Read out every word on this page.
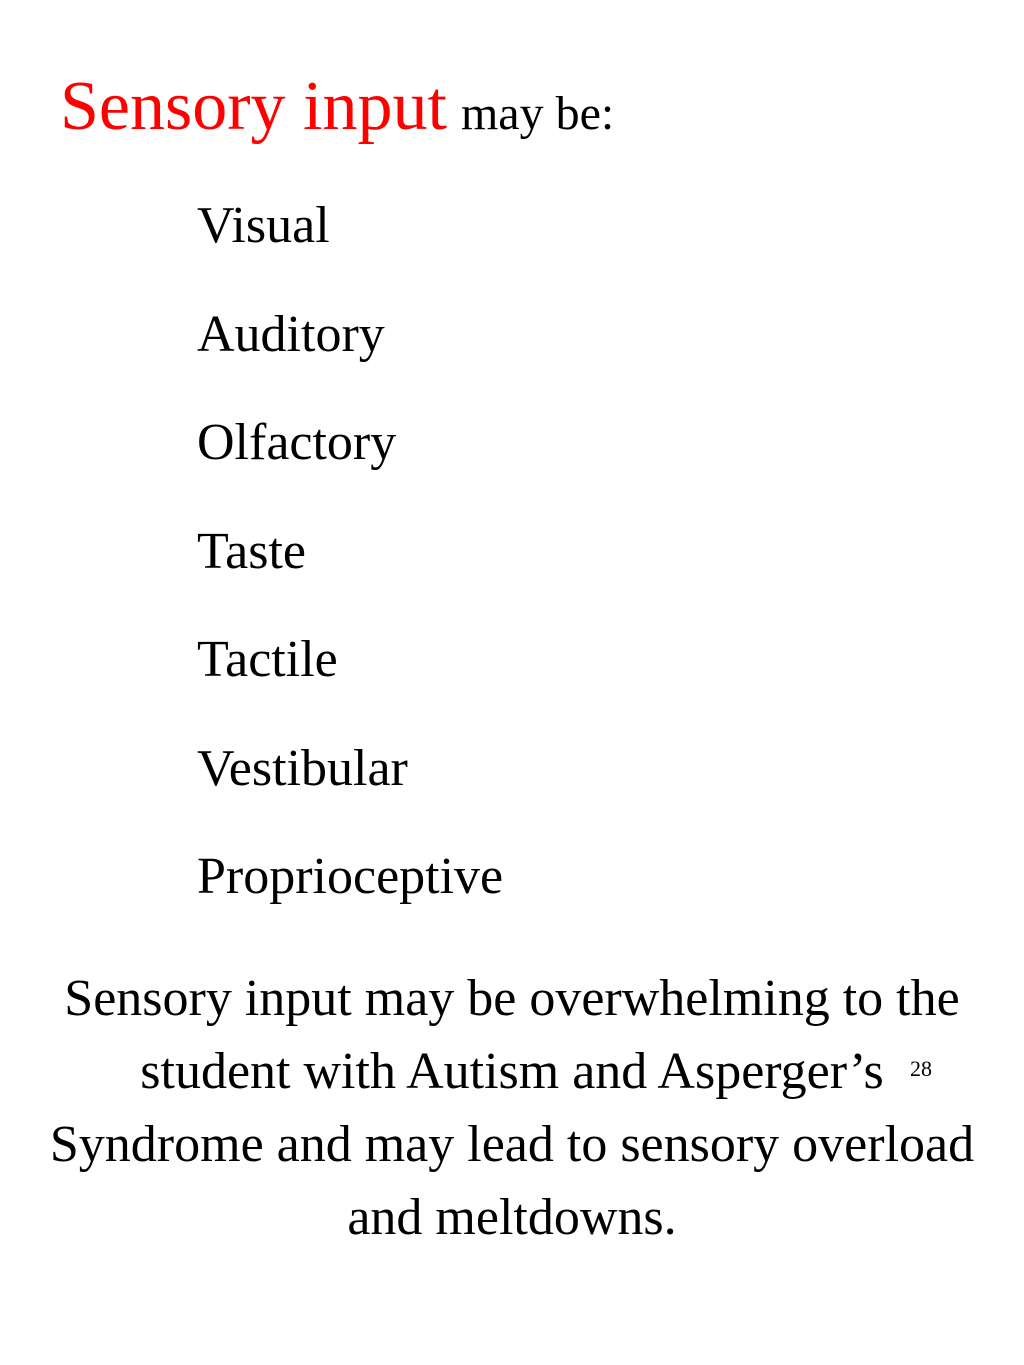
Sensory input may be:
Visual
Auditory
Olfactory
Taste
Tactile
Vestibular
Proprioceptive

Sensory input may be overwhelming to the student with Autism and Asperger’s Syndrome and may lead to sensory overload and meltdowns.

28
